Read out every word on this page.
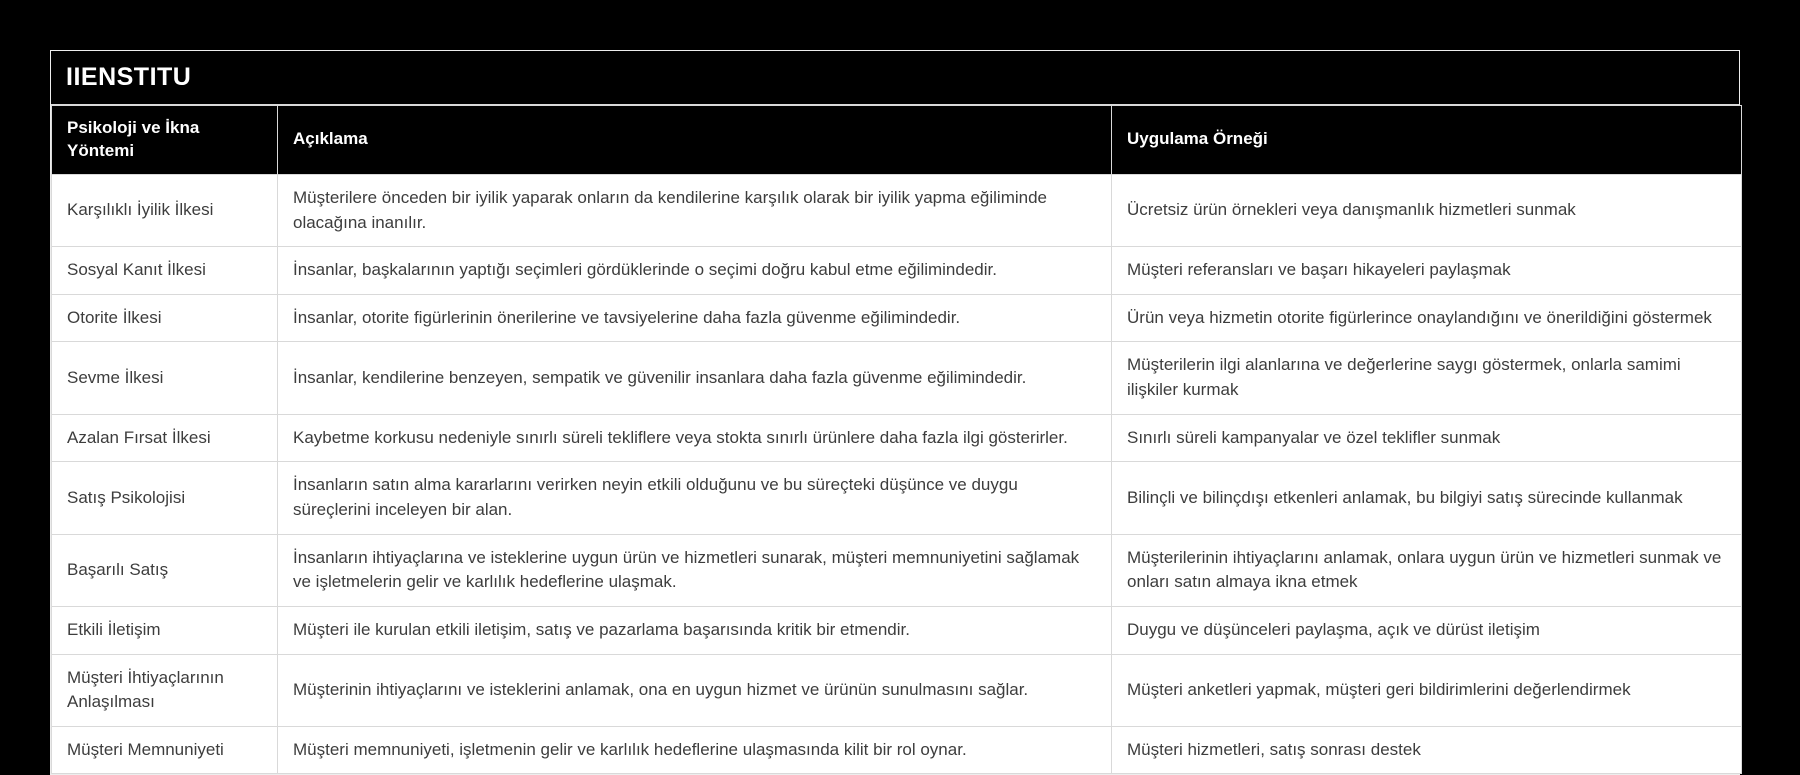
IIENSTITU
Psikoloji ve İkna Yöntemi	Açıklama	Uygulama Örneği
Karşılıklı İyilik İlkesi	Müşterilere önceden bir iyilik yaparak onların da kendilerine karşılık olarak bir iyilik yapma eğiliminde olacağına inanılır.	Ücretsiz ürün örnekleri veya danışmanlık hizmetleri sunmak
Sosyal Kanıt İlkesi	İnsanlar, başkalarının yaptığı seçimleri gördüklerinde o seçimi doğru kabul etme eğilimindedir.	Müşteri referansları ve başarı hikayeleri paylaşmak
Otorite İlkesi	İnsanlar, otorite figürlerinin önerilerine ve tavsiyelerine daha fazla güvenme eğilimindedir.	Ürün veya hizmetin otorite figürlerince onaylandığını ve önerildiğini göstermek
Sevme İlkesi	İnsanlar, kendilerine benzeyen, sempatik ve güvenilir insanlara daha fazla güvenme eğilimindedir.	Müşterilerin ilgi alanlarına ve değerlerine saygı göstermek, onlarla samimi ilişkiler kurmak
Azalan Fırsat İlkesi	Kaybetme korkusu nedeniyle sınırlı süreli tekliflere veya stokta sınırlı ürünlere daha fazla ilgi gösterirler.	Sınırlı süreli kampanyalar ve özel teklifler sunmak
Satış Psikolojisi	İnsanların satın alma kararlarını verirken neyin etkili olduğunu ve bu süreçteki düşünce ve duygu süreçlerini inceleyen bir alan.	Bilinçli ve bilinçdışı etkenleri anlamak, bu bilgiyi satış sürecinde kullanmak
Başarılı Satış	İnsanların ihtiyaçlarına ve isteklerine uygun ürün ve hizmetleri sunarak, müşteri memnuniyetini sağlamak ve işletmelerin gelir ve karlılık hedeflerine ulaşmak.	Müşterilerinin ihtiyaçlarını anlamak, onlara uygun ürün ve hizmetleri sunmak ve onları satın almaya ikna etmek
Etkili İletişim	Müşteri ile kurulan etkili iletişim, satış ve pazarlama başarısında kritik bir etmendir.	Duygu ve düşünceleri paylaşma, açık ve dürüst iletişim
Müşteri İhtiyaçlarının Anlaşılması	Müşterinin ihtiyaçlarını ve isteklerini anlamak, ona en uygun hizmet ve ürünün sunulmasını sağlar.	Müşteri anketleri yapmak, müşteri geri bildirimlerini değerlendirmek
Müşteri Memnuniyeti	Müşteri memnuniyeti, işletmenin gelir ve karlılık hedeflerine ulaşmasında kilit bir rol oynar.	Müşteri hizmetleri, satış sonrası destek
